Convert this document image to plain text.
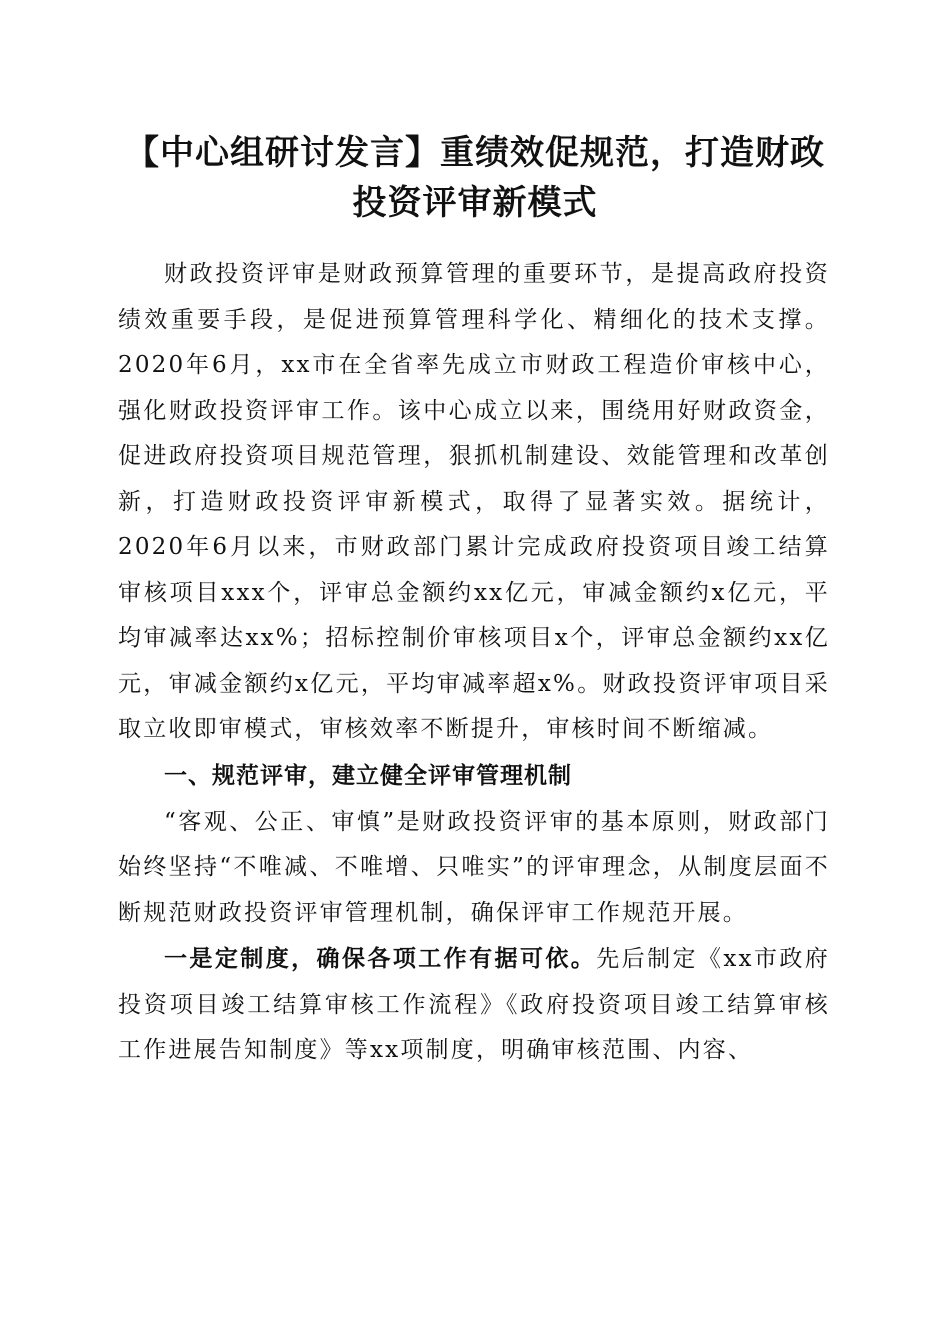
【中心组研讨发言】重绩效促规范，打造财政
投资评审新模式

财政投资评审是财政预算管理的重要环节，是提高政府投资绩效重要手段，是促进预算管理科学化、精细化的技术支撑。2020年6月，xx市在全省率先成立市财政工程造价审核中心，强化财政投资评审工作。该中心成立以来，围绕用好财政资金，促进政府投资项目规范管理，狠抓机制建设、效能管理和改革创新，打造财政投资评审新模式，取得了显著实效。据统计，2020年6月以来，市财政部门累计完成政府投资项目竣工结算审核项目xxx个，评审总金额约xx亿元，审减金额约x亿元，平均审减率达xx%；招标控制价审核项目x个，评审总金额约xx亿元，审减金额约x亿元，平均审减率超x%。财政投资评审项目采取立收即审模式，审核效率不断提升，审核时间不断缩减。

一、规范评审，建立健全评审管理机制

“客观、公正、审慎”是财政投资评审的基本原则，财政部门始终坚持“不唯减、不唯增、只唯实”的评审理念，从制度层面不断规范财政投资评审管理机制，确保评审工作规范开展。

一是定制度，确保各项工作有据可依。先后制定《xx市政府投资项目竣工结算审核工作流程》《政府投资项目竣工结算审核工作进展告知制度》等xx项制度，明确审核范围、内容、
